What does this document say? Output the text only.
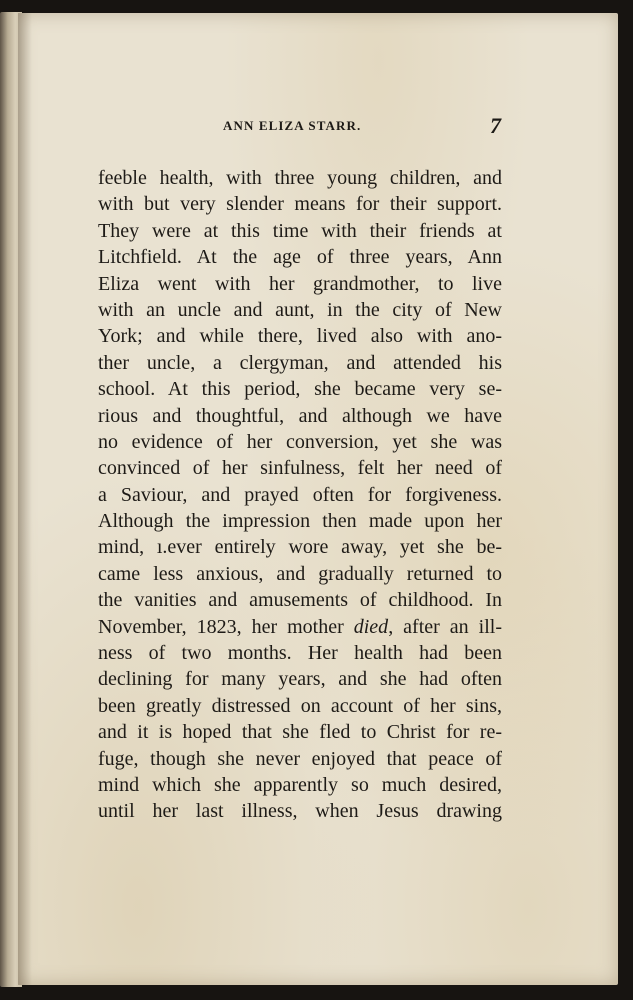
ANN ELIZA STARR.	7
feeble health, with three young children, and
with but very slender means for their support.
They were at this time with their friends at
Litchfield. At the age of three years, Ann
Eliza went with her grandmother, to live
with an uncle and aunt, in the city of New
York; and while there, lived also with ano-
ther uncle, a clergyman, and attended his
school. At this period, she became very se-
rious and thoughtful, and although we have
no evidence of her conversion, yet she was
convinced of her sinfulness, felt her need of
a Saviour, and prayed often for forgiveness.
Although the impression then made upon her
mind, ı.ever entirely wore away, yet she be-
came less anxious, and gradually returned to
the vanities and amusements of childhood. In
November, 1823, her mother died, after an ill-
ness of two months. Her health had been
declining for many years, and she had often
been greatly distressed on account of her sins,
and it is hoped that she fled to Christ for re-
fuge, though she never enjoyed that peace of
mind which she apparently so much desired,
until her last illness, when Jesus drawing
